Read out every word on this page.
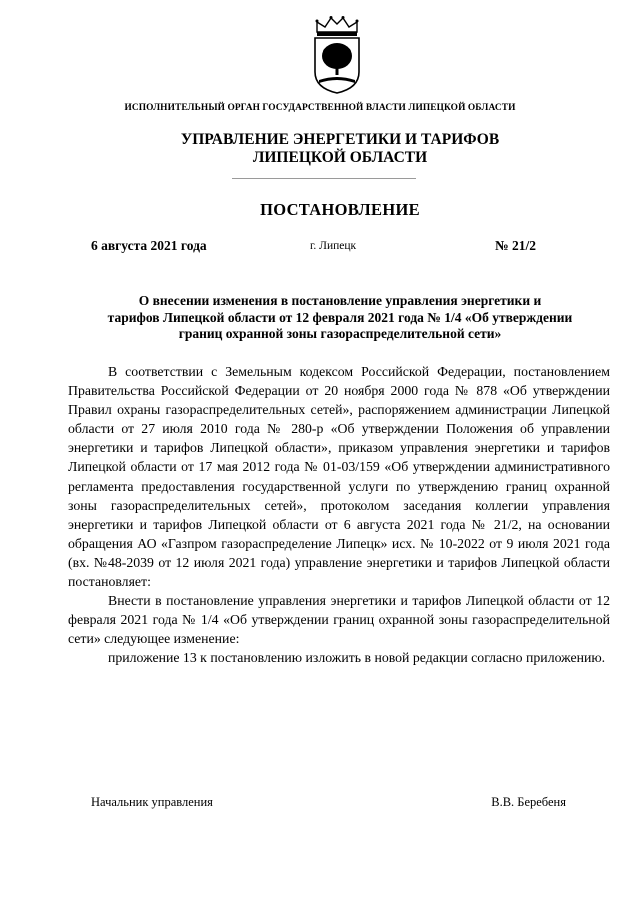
ИСПОЛНИТЕЛЬНЫЙ ОРГАН ГОСУДАРСТВЕННОЙ ВЛАСТИ ЛИПЕЦКОЙ ОБЛАСТИ
УПРАВЛЕНИЕ ЭНЕРГЕТИКИ И ТАРИФОВ
ЛИПЕЦКОЙ ОБЛАСТИ
ПОСТАНОВЛЕНИЕ
6 августа 2021 года	г. Липецк	№ 21/2
О внесении изменения в постановление управления энергетики и
тарифов Липецкой области от 12 февраля 2021 года № 1/4 «Об утверждении
границ охранной зоны газораспределительной сети»

В соответствии с Земельным кодексом Российской Федерации, постановлением Правительства Российской Федерации от 20 ноября 2000 года № 878 «Об утверждении Правил охраны газораспределительных сетей», распоряжением администрации Липецкой области от 27 июля 2010 года № 280-р «Об утверждении Положения об управлении энергетики и тарифов Липецкой области», приказом управления энергетики и тарифов Липецкой области от 17 мая 2012 года № 01-03/159 «Об утверждении административного регламента предоставления государственной услуги по утверждению границ охранной зоны газораспределительных сетей», протоколом заседания коллегии управления энергетики и тарифов Липецкой области от 6 августа 2021 года № 21/2, на основании обращения АО «Газпром газораспределение Липецк» исх. № 10-2022 от 9 июля 2021 года (вх. №48-2039 от 12 июля 2021 года) управление энергетики и тарифов Липецкой области постановляет:

Внести в постановление управления энергетики и тарифов Липецкой области от 12 февраля 2021 года № 1/4 «Об утверждении границ охранной зоны газораспределительной сети» следующее изменение:

приложение 13 к постановлению изложить в новой редакции согласно приложению.

Начальник управления	В.В. Беребеня
